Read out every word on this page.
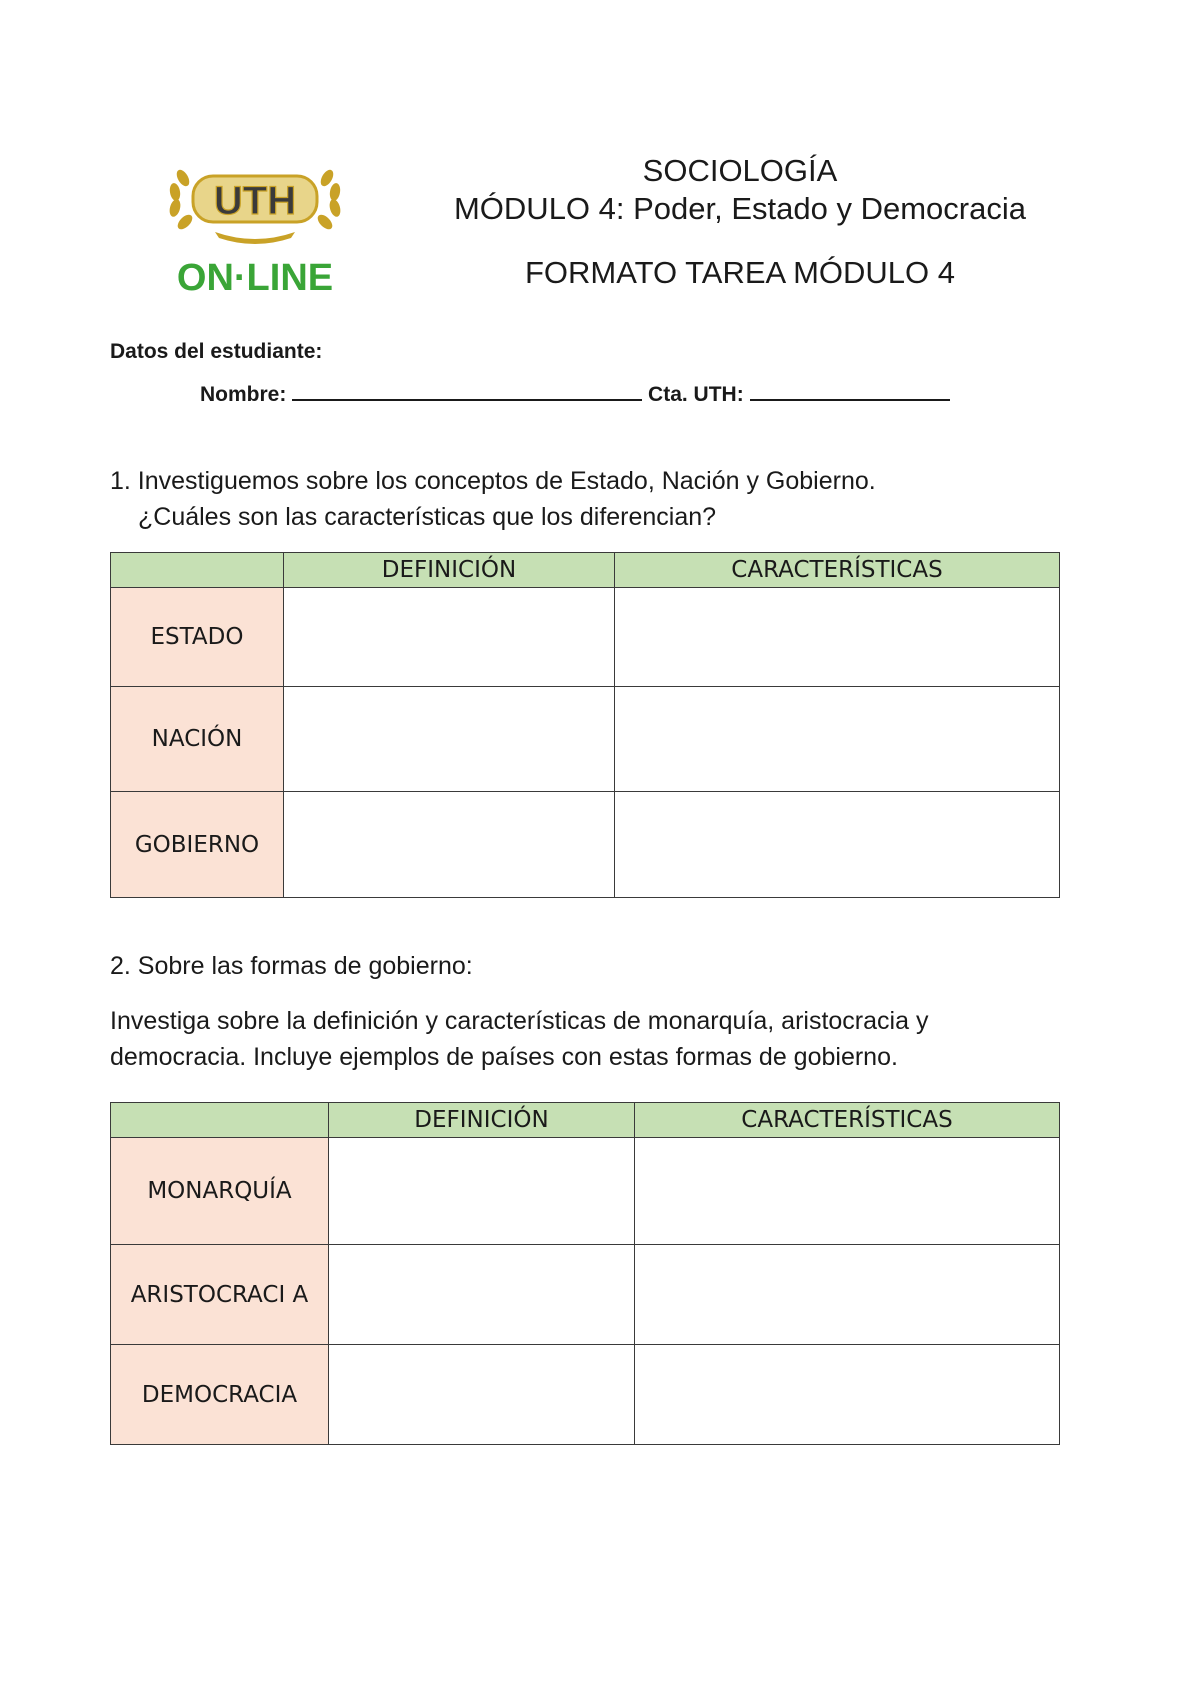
UTH
ON·LINE
SOCIOLOGÍA
MÓDULO 4: Poder, Estado y Democracia
FORMATO TAREA MÓDULO 4
Datos del estudiante:
Nombre:	Cta. UTH:
1. Investiguemos sobre los conceptos de Estado, Nación y Gobierno.
¿Cuáles son las características que los diferencian?
	DEFINICIÓN	CARACTERÍSTICAS
ESTADO		
NACIÓN		
GOBIERNO		
2. Sobre las formas de gobierno:
Investiga sobre la definición y características de monarquía, aristocracia y democracia. Incluye ejemplos de países con estas formas de gobierno.
	DEFINICIÓN	CARACTERÍSTICAS
MONARQUÍA		
ARISTOCRACI A		
DEMOCRACIA		
